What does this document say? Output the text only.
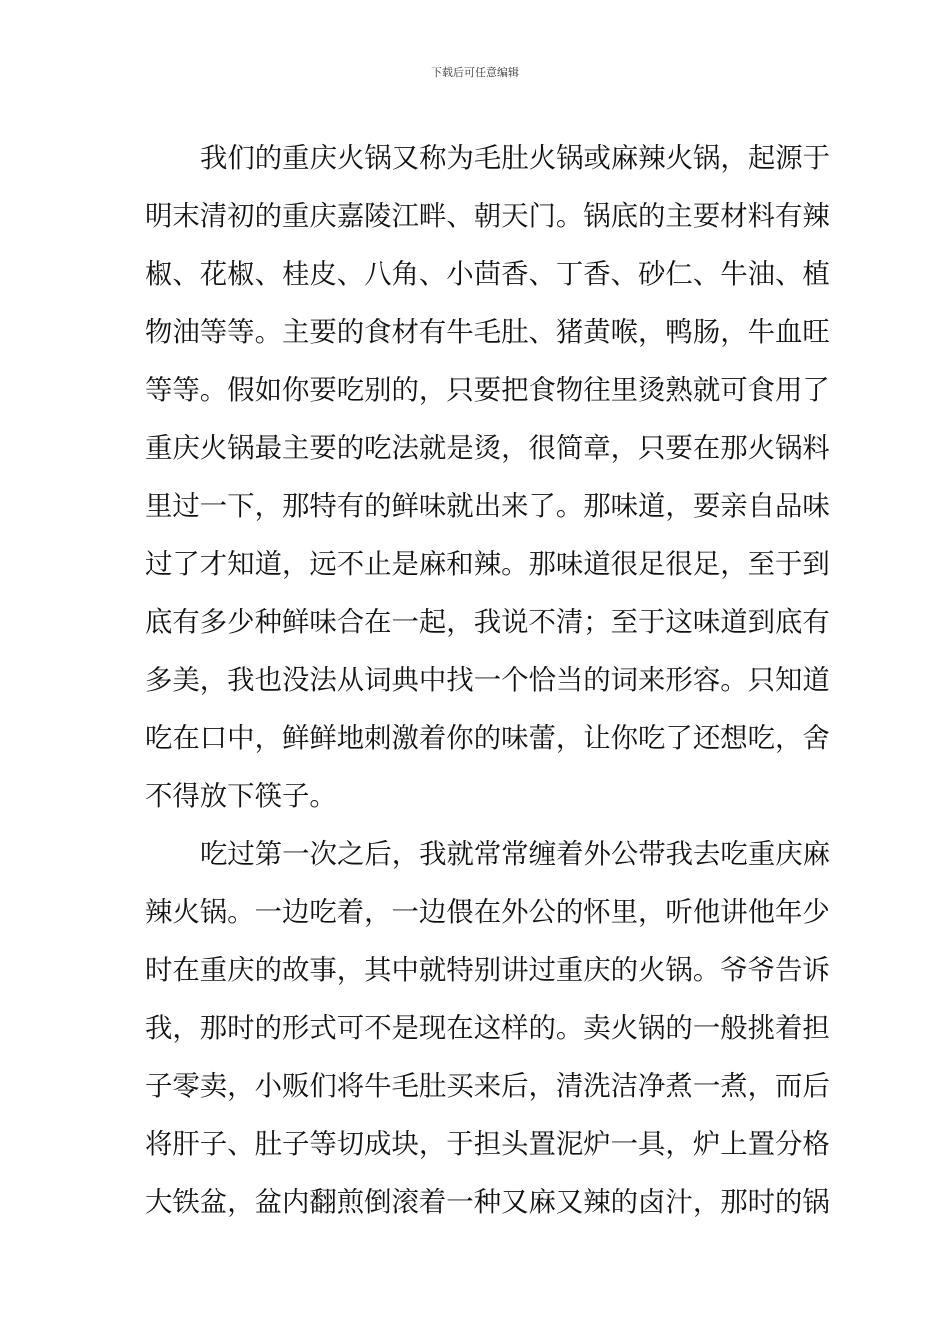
下载后可任意编辑
我们的重庆火锅又称为毛肚火锅或麻辣火锅，起源于
明末清初的重庆嘉陵江畔、朝天门。锅底的主要材料有辣
椒、花椒、桂皮、八角、小茴香、丁香、砂仁、牛油、植
物油等等。主要的食材有牛毛肚、猪黄喉，鸭肠，牛血旺
等等。假如你要吃别的，只要把食物往里烫熟就可食用了
重庆火锅最主要的吃法就是烫，很简章，只要在那火锅料
里过一下，那特有的鲜味就出来了。那味道，要亲自品味
过了才知道，远不止是麻和辣。那味道很足很足，至于到
底有多少种鲜味合在一起，我说不清；至于这味道到底有
多美，我也没法从词典中找一个恰当的词来形容。只知道
吃在口中，鲜鲜地刺激着你的味蕾，让你吃了还想吃，舍
不得放下筷子。
吃过第一次之后，我就常常缠着外公带我去吃重庆麻
辣火锅。一边吃着，一边偎在外公的怀里，听他讲他年少
时在重庆的故事，其中就特别讲过重庆的火锅。爷爷告诉
我，那时的形式可不是现在这样的。卖火锅的一般挑着担
子零卖，小贩们将牛毛肚买来后，清洗洁净煮一煮，而后
将肝子、肚子等切成块，于担头置泥炉一具，炉上置分格
大铁盆，盆内翻煎倒滚着一种又麻又辣的卤汁，那时的锅
